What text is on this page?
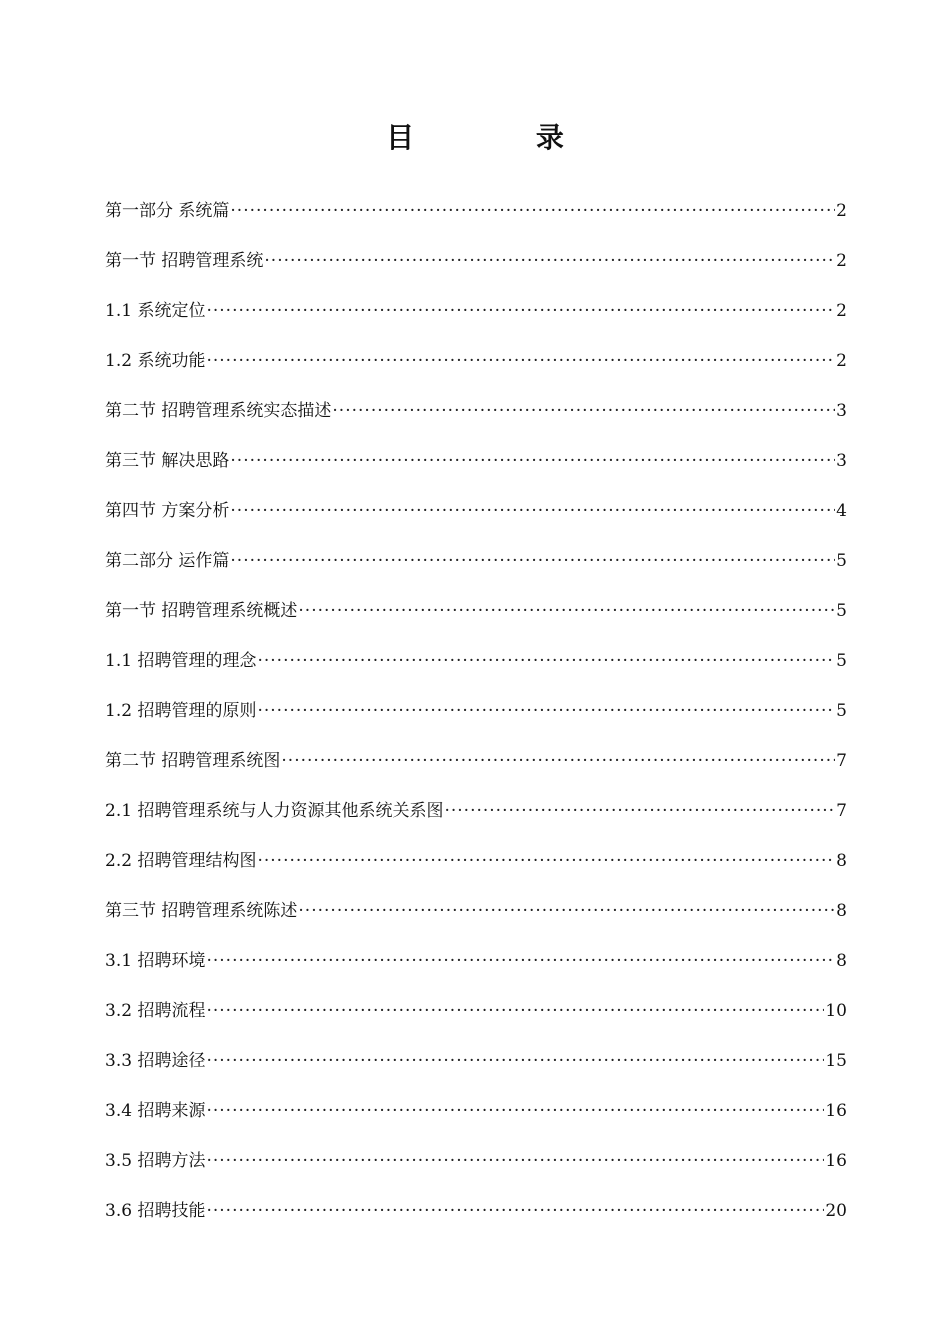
目 录
第一部分 系统篇 ·····	2
第一节 招聘管理系统 ·····	2
1.1 系统定位 ·····	2
1.2 系统功能 ·····	2
第二节 招聘管理系统实态描述 ·····	3
第三节 解决思路 ·····	3
第四节 方案分析 ·····	4
第二部分 运作篇 ·····	5
第一节 招聘管理系统概述 ·····	5
1.1 招聘管理的理念 ·····	5
1.2 招聘管理的原则 ·····	5
第二节 招聘管理系统图 ·····	7
2.1 招聘管理系统与人力资源其他系统关系图 ·····	7
2.2 招聘管理结构图 ·····	8
第三节 招聘管理系统陈述 ·····	8
3.1 招聘环境 ·····	8
3.2 招聘流程 ·····	10
3.3 招聘途径 ·····	15
3.4 招聘来源 ·····	16
3.5 招聘方法 ·····	16
3.6 招聘技能 ·····	20
